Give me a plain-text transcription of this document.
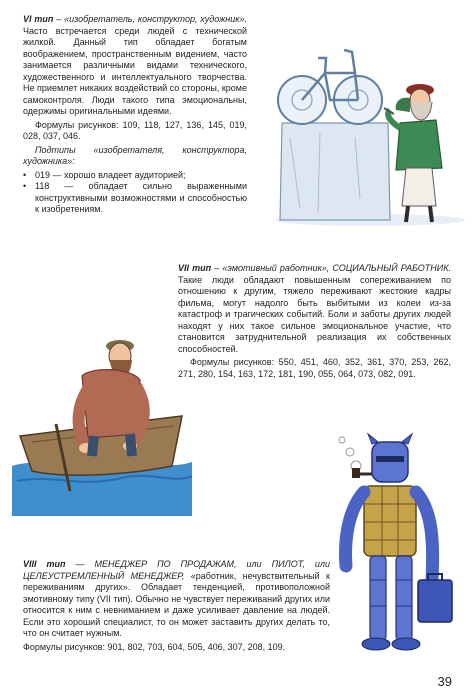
VI тип – «изобретатель, конструктор, художник». Часто встречается среди людей с технической жилкой. Данный тип обладает богатым воображением, пространственным видением, часто занимается различными видами технического, художественного и интеллектуального творчества. Не приемлет никаких воздействий со стороны, кроме самоконтроля. Люди такого типа эмоциональны, одержимы оригинальными идеями.

Формулы рисунков: 109, 118, 127, 136, 145, 019, 028, 037, 046.

Подтипы «изобретателя, конструктора, художника»:

• 019 — хорошо владеет аудиторией;
• 118 — обладает сильно выраженными конструктивными возможностями и способностью к изобретениям.

VII тип – «эмотивный работник», СОЦИАЛЬНЫЙ РАБОТНИК. Такие люди обладают повышенным сопереживанием по отношению к другим, тяжело переживают жестокие кадры фильма, могут надолго быть выбитыми из колеи из-за катастроф и трагических событий. Боли и заботы других людей находят у них такое сильное эмоциональное участие, что становится затруднительной реализация их собственных способностей.

Формулы рисунков: 550, 451, 460, 352, 361, 370, 253, 262, 271, 280, 154, 163, 172, 181, 190, 055, 064, 073, 082, 091.

VIII тип — МЕНЕДЖЕР ПО ПРОДАЖАМ, или ПИЛОТ, или ЦЕЛЕУСТРЕМЛЕННЫЙ МЕНЕДЖЕР, «работник, нечувствительный к переживаниям других». Обладает тенденцией, противоположной эмотивному типу (VII тип). Обычно не чувствует переживаний других или относится к ним с невниманием и даже усиливает давление на людей. Если это хороший специалист, то он может заставить других делать то, что он считает нужным.

Формулы рисунков: 901, 802, 703, 604, 505, 406, 307, 208, 109.

39
